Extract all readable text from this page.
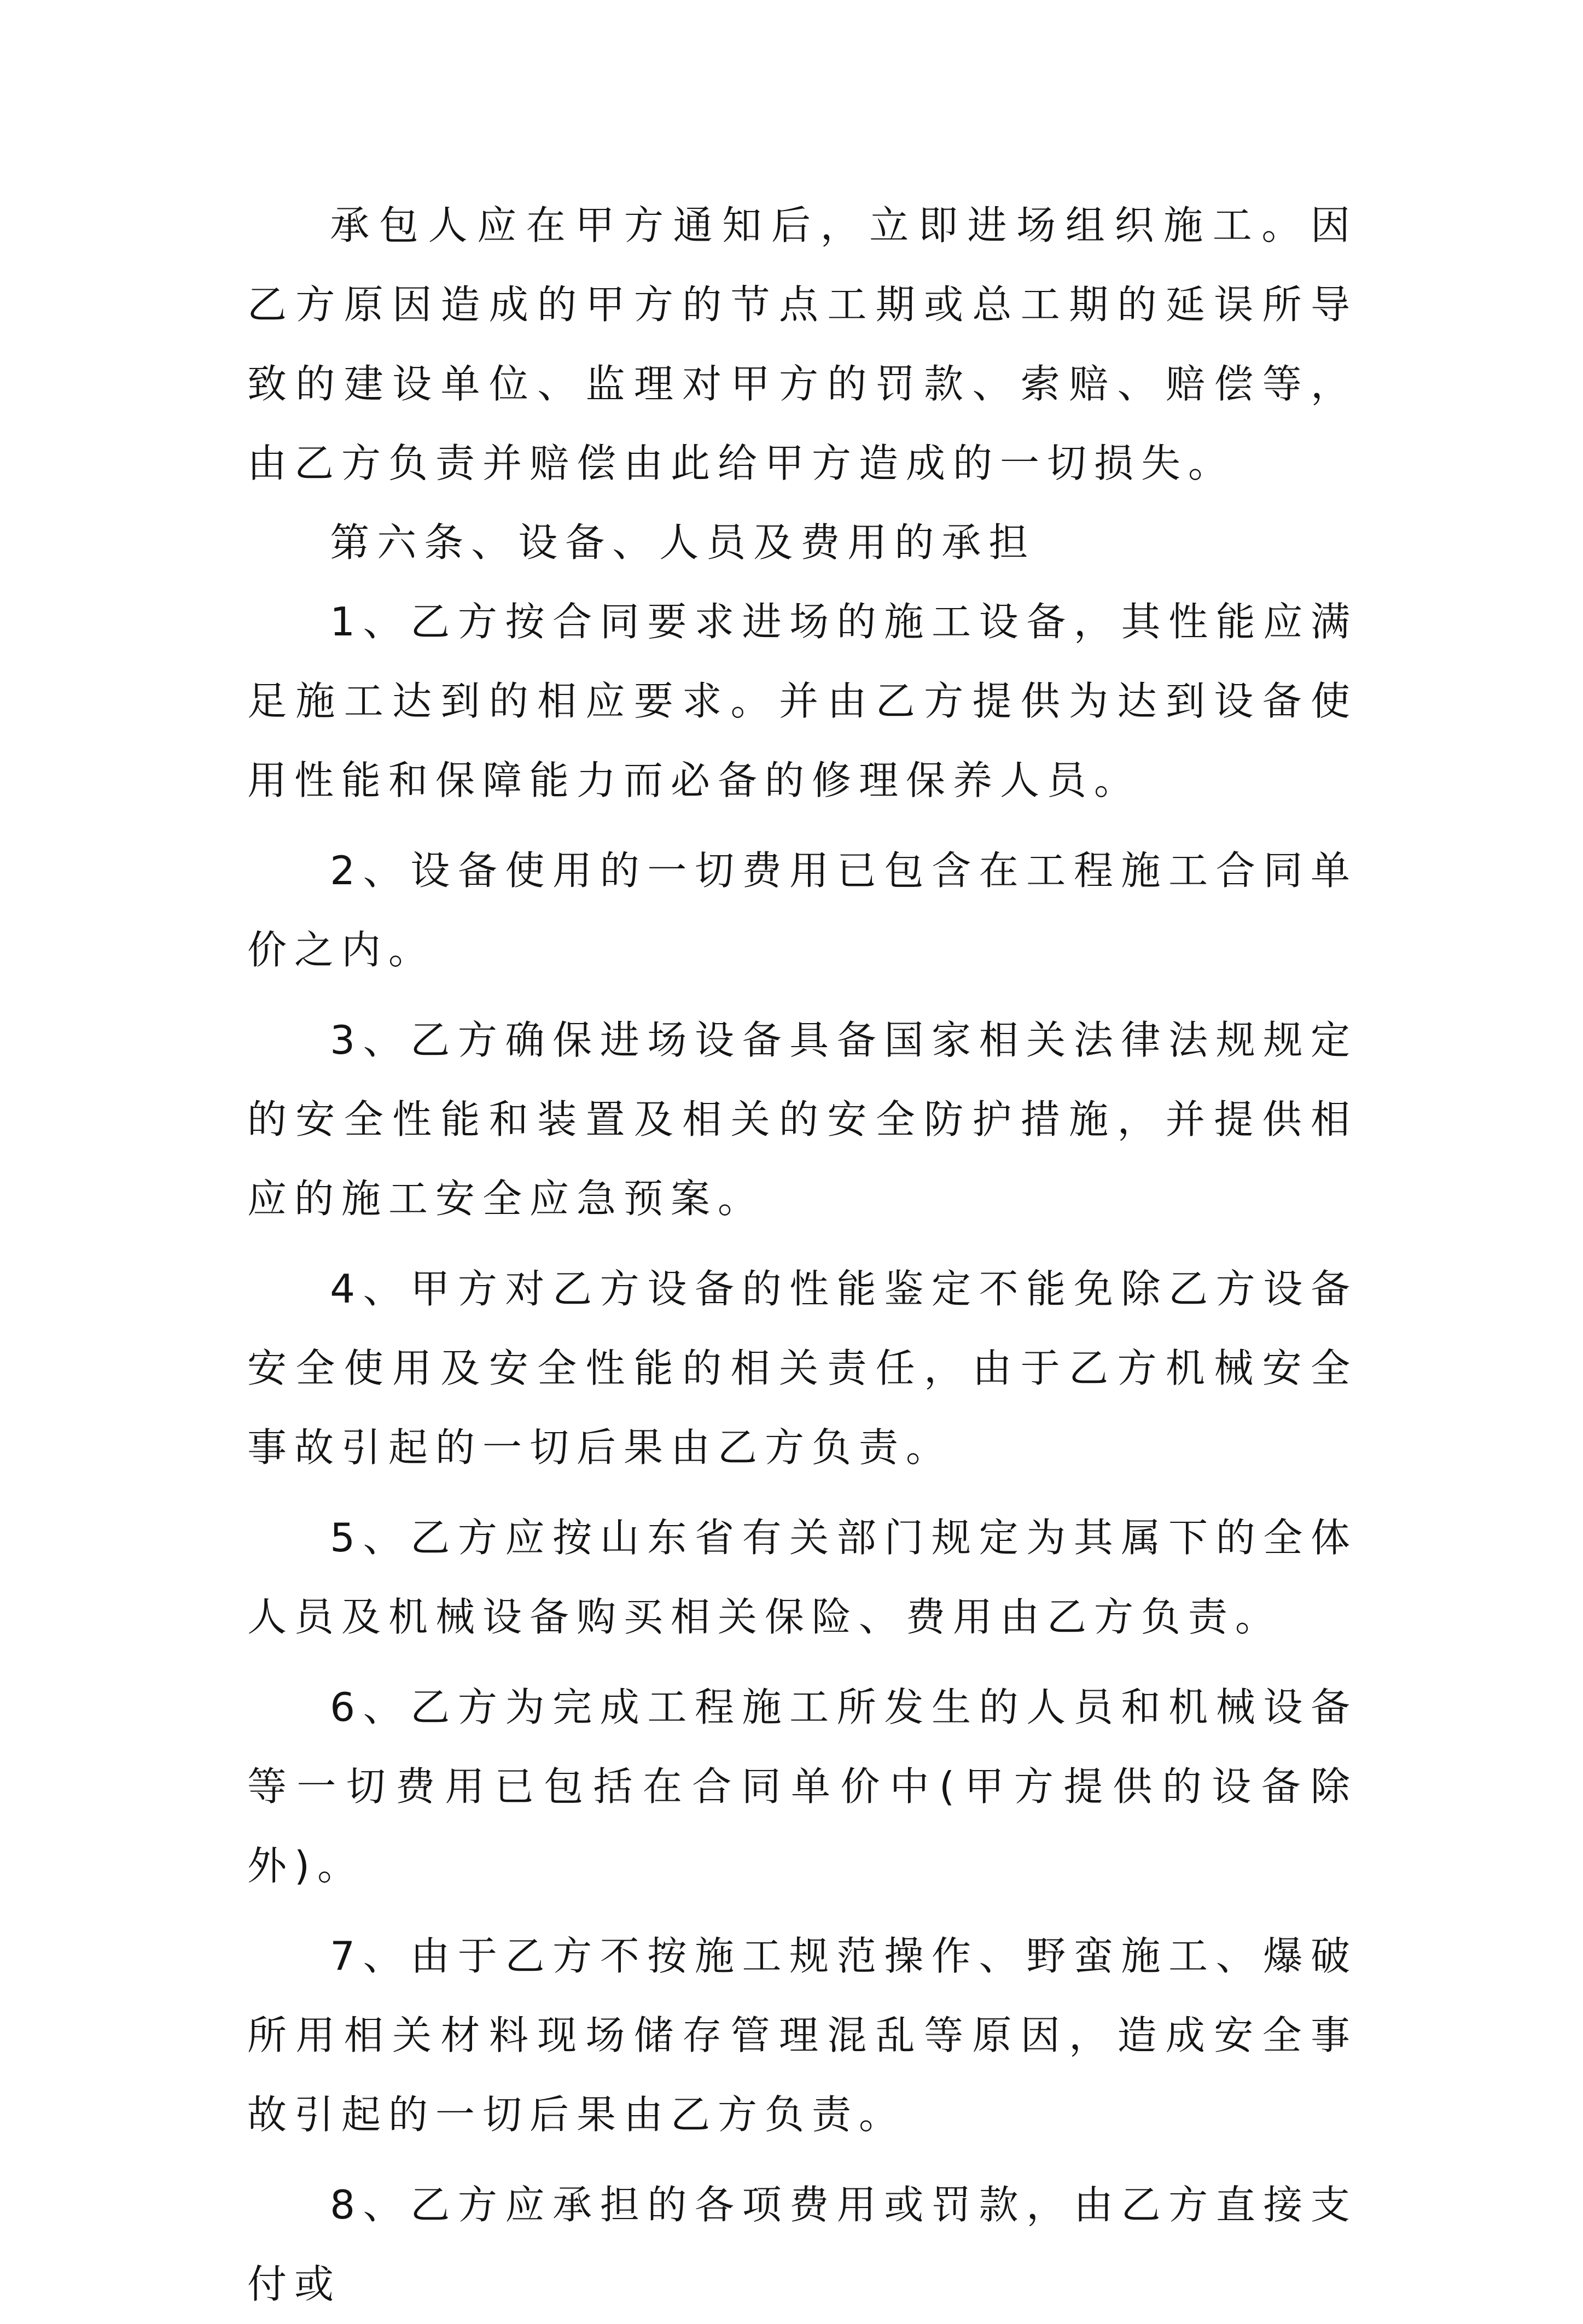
承包人应在甲方通知后，立即进场组织施工。因乙方原因造成的甲方的节点工期或总工期的延误所导致的建设单位、监理对甲方的罚款、索赔、赔偿等，由乙方负责并赔偿由此给甲方造成的一切损失。

第六条、设备、人员及费用的承担

1、乙方按合同要求进场的施工设备，其性能应满足施工达到的相应要求。并由乙方提供为达到设备使用性能和保障能力而必备的修理保养人员。

2、设备使用的一切费用已包含在工程施工合同单价之内。

3、乙方确保进场设备具备国家相关法律法规规定的安全性能和装置及相关的安全防护措施，并提供相应的施工安全应急预案。

4、甲方对乙方设备的性能鉴定不能免除乙方设备安全使用及安全性能的相关责任，由于乙方机械安全事故引起的一切后果由乙方负责。

5、乙方应按山东省有关部门规定为其属下的全体人员及机械设备购买相关保险、费用由乙方负责。

6、乙方为完成工程施工所发生的人员和机械设备等一切费用已包括在合同单价中(甲方提供的设备除外)。

7、由于乙方不按施工规范操作、野蛮施工、爆破所用相关材料现场储存管理混乱等原因，造成安全事故引起的一切后果由乙方负责。

8、乙方应承担的各项费用或罚款，由乙方直接支付或
